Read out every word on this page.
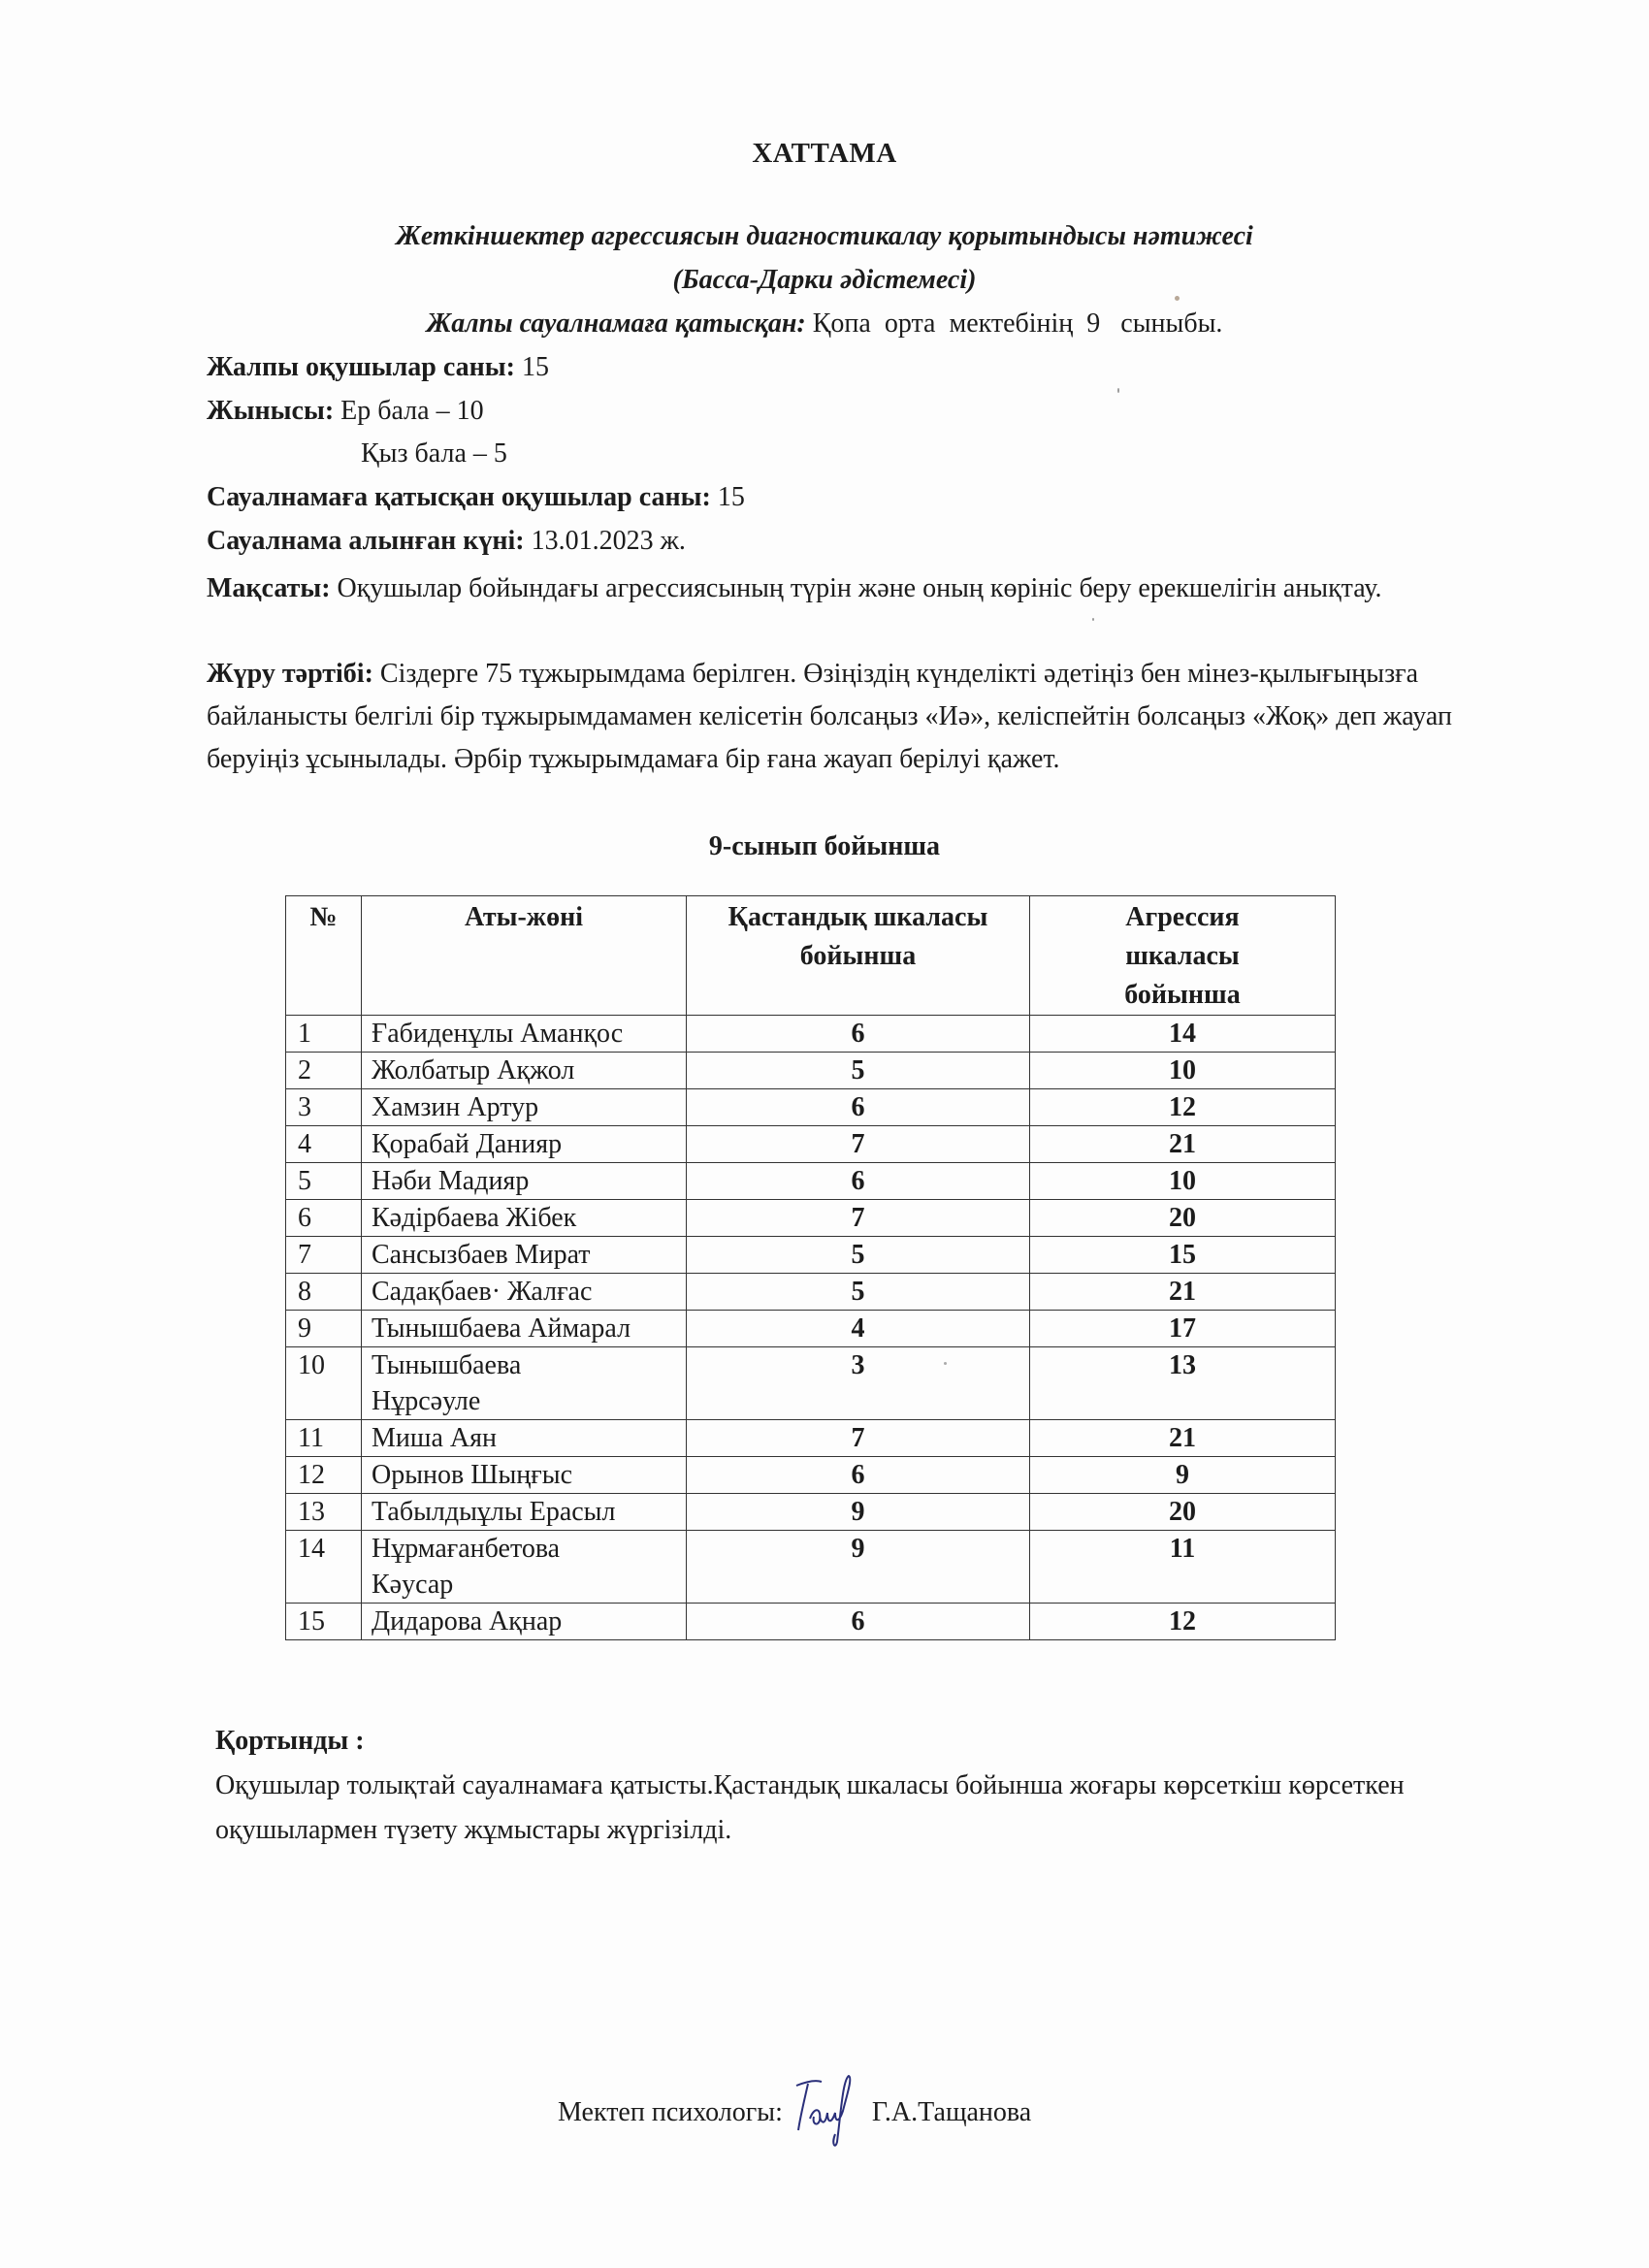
ХАТТАМА
Жеткіншектер агрессиясын диагностикалау қорытындысы нәтижесі
(Басса-Дарки әдістемесі)
Жалпы сауалнамаға қатысқан: Қопа  орта  мектебінің  9   сыныбы.
Жалпы оқушылар саны: 15
Жынысы: Ер бала – 10
Қыз бала – 5
Сауалнамаға қатысқан оқушылар саны: 15
Сауалнама алынған күні: 13.01.2023 ж.
Мақсаты: Оқушылар бойындағы агрессиясының түрін және оның көрініс беру ерекшелігін анықтау.
Жүру тәртібі: Сіздерге 75 тұжырымдама берілген. Өзіңіздің күнделікті әдетіңіз бен мінез-қылығыңызға байланысты белгілі бір тұжырымдамамен келісетін болсаңыз «Иә», келіспейтін болсаңыз «Жоқ» деп жауап беруіңіз ұсынылады. Әрбір тұжырымдамаға бір ғана жауап берілуі қажет.
9-сынып бойынша
№	Аты-жөні	Қастандық шкаласы бойынша	Агрессия шкаласы бойынша
1	Ғабиденұлы Аманқос	6	14
2	Жолбатыр Ақжол	5	10
3	Хамзин Артур	6	12
4	Қорабай Данияр	7	21
5	Нәби Мадияр	6	10
6	Кәдірбаева Жібек	7	20
7	Сансызбаев Мират	5	15
8	Садақбаев· Жалғас	5	21
9	Тынышбаева Аймарал	4	17
10	Тынышбаева
Нұрсәуле	3	13
11	Миша Аян	7	21
12	Орынов Шыңғыс	6	9
13	Табылдыұлы Ерасыл	9	20
14	Нұрмағанбетова
Кәусар	9	11
15	Дидарова Ақнар	6	12
Қортынды :
Оқушылар толықтай сауалнамаға қатысты.Қастандық шкаласы бойынша жоғары көрсеткіш көрсеткен оқушылармен түзету жұмыстары жүргізілді.
Мектеп психологы:	Г.А.Тащанова
